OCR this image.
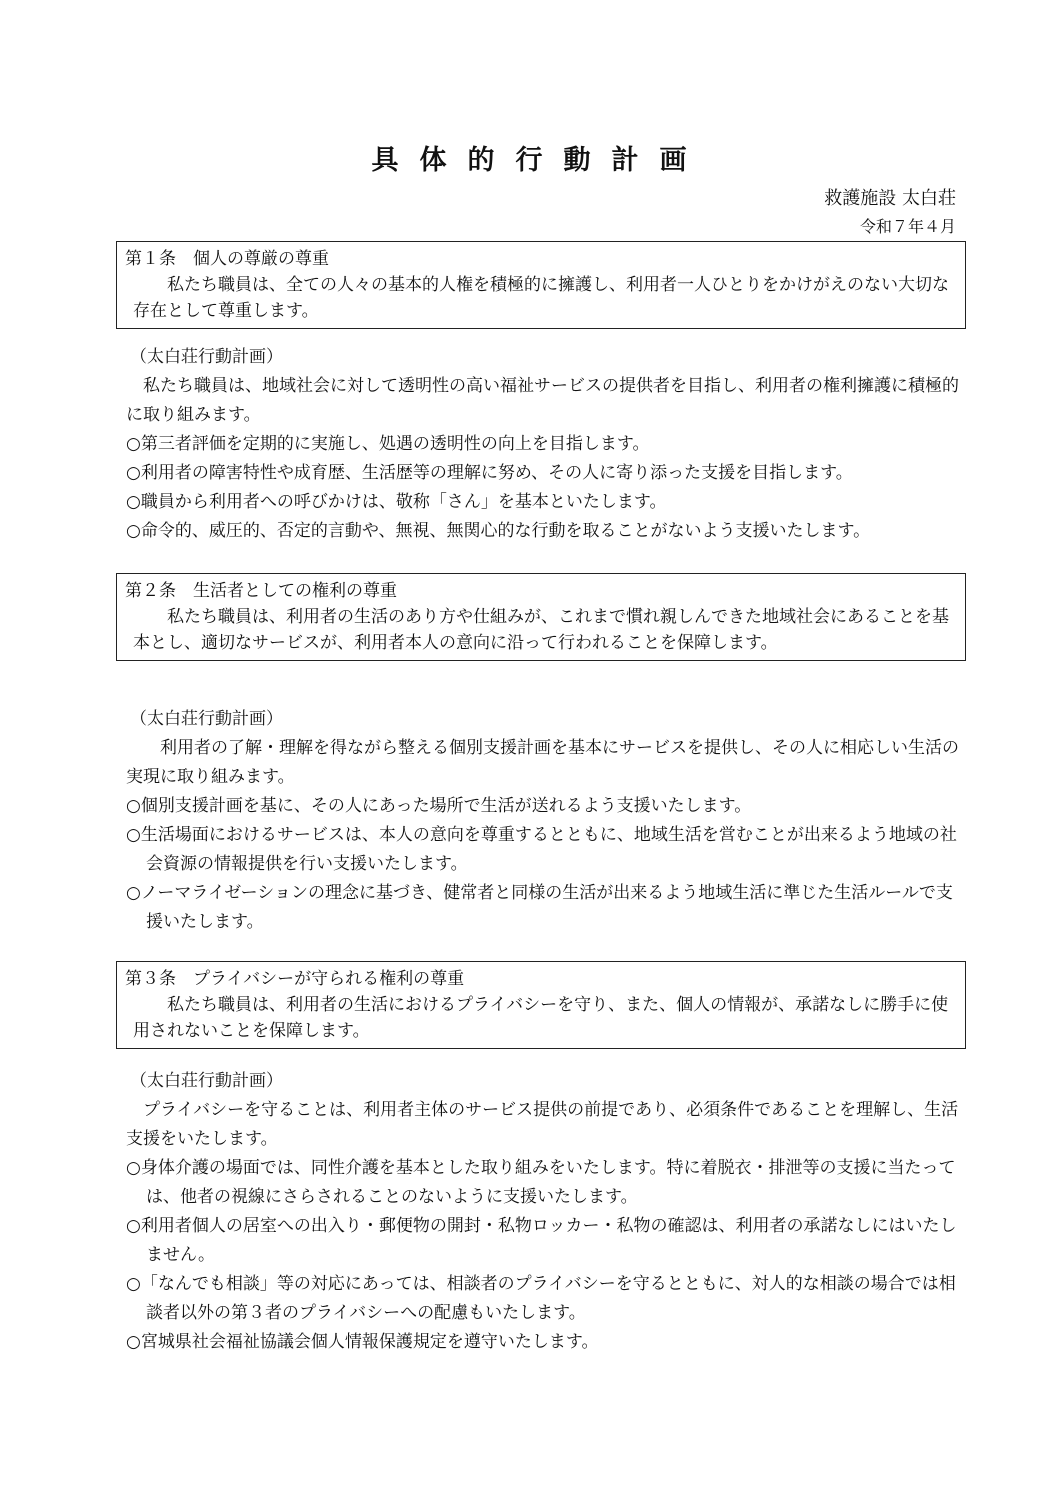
具体的行動計画
救護施設 太白荘
令和７年４月
第１条　個人の尊厳の尊重
私たち職員は、全ての人々の基本的人権を積極的に擁護し、利用者一人ひとりをかけがえのない大切な存在として尊重します。
（太白荘行動計画）
私たち職員は、地域社会に対して透明性の高い福祉サービスの提供者を目指し、利用者の権利擁護に積極的に取り組みます。
○第三者評価を定期的に実施し、処遇の透明性の向上を目指します。
○利用者の障害特性や成育歴、生活歴等の理解に努め、その人に寄り添った支援を目指します。
○職員から利用者への呼びかけは、敬称「さん」を基本といたします。
○命令的、威圧的、否定的言動や、無視、無関心的な行動を取ることがないよう支援いたします。
第２条　生活者としての権利の尊重
私たち職員は、利用者の生活のあり方や仕組みが、これまで慣れ親しんできた地域社会にあることを基本とし、適切なサービスが、利用者本人の意向に沿って行われることを保障します。
（太白荘行動計画）
利用者の了解・理解を得ながら整える個別支援計画を基本にサービスを提供し、その人に相応しい生活の実現に取り組みます。
○個別支援計画を基に、その人にあった場所で生活が送れるよう支援いたします。
○生活場面におけるサービスは、本人の意向を尊重するとともに、地域生活を営むことが出来るよう地域の社会資源の情報提供を行い支援いたします。
○ノーマライゼーションの理念に基づき、健常者と同様の生活が出来るよう地域生活に準じた生活ルールで支援いたします。
第３条　プライバシーが守られる権利の尊重
私たち職員は、利用者の生活におけるプライバシーを守り、また、個人の情報が、承諾なしに勝手に使用されないことを保障します。
（太白荘行動計画）
プライバシーを守ることは、利用者主体のサービス提供の前提であり、必須条件であることを理解し、生活支援をいたします。
○身体介護の場面では、同性介護を基本とした取り組みをいたします。特に着脱衣・排泄等の支援に当たっては、他者の視線にさらされることのないように支援いたします。
○利用者個人の居室への出入り・郵便物の開封・私物ロッカー・私物の確認は、利用者の承諾なしにはいたしません。
○「なんでも相談」等の対応にあっては、相談者のプライバシーを守るとともに、対人的な相談の場合では相談者以外の第３者のプライバシーへの配慮もいたします。
○宮城県社会福祉協議会個人情報保護規定を遵守いたします。
